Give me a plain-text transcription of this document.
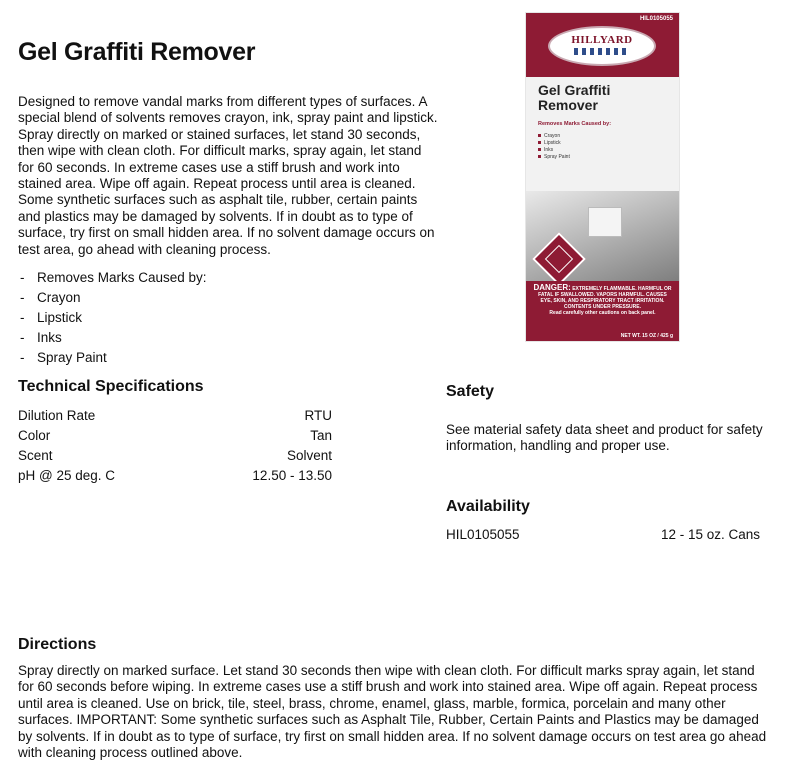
Gel Graffiti Remover

Designed to remove vandal marks from different types of surfaces. A special blend of solvents removes crayon, ink, spray paint and lipstick. Spray directly on marked or stained surfaces, let stand 30 seconds, then wipe with clean cloth. For difficult marks, spray again, let stand for 60 seconds. In extreme cases use a stiff brush and work into stained area. Wipe off again. Repeat process until area is cleaned. Some synthetic surfaces such as asphalt tile, rubber, certain paints and plastics may be damaged by solvents. If in doubt as to type of surface, try first on small hidden area. If no solvent damage occurs on test area, go ahead with cleaning process.

- Removes Marks Caused by:
- Crayon
- Lipstick
- Inks
- Spray Paint
HIL0105055
HILLYARD
Gel Graffiti Remover
Removes Marks Caused by:
Crayon
Lipstick
Inks
Spray Paint
DANGER: EXTREMELY FLAMMABLE. HARMFUL OR FATAL IF SWALLOWED. VAPORS HARMFUL. CAUSES EYE, SKIN, AND RESPIRATORY TRACT IRRITATION. CONTENTS UNDER PRESSURE.
Read carefully other cautions on back panel.
NET WT. 15 OZ / 425 g
Technical Specifications
Dilution Rate	RTU
Color	Tan
Scent	Solvent
pH @ 25 deg. C	12.50 - 13.50
Safety

See material safety data sheet and product for safety information, handling and proper use.

Availability
HIL0105055	12 - 15 oz. Cans
Directions

Spray directly on marked surface. Let stand 30 seconds then wipe with clean cloth. For difficult marks spray again, let stand for 60 seconds before wiping. In extreme cases use a stiff brush and work into stained area. Wipe off again. Repeat process until area is cleaned. Use on brick, tile, steel, brass, chrome, enamel, glass, marble, formica, porcelain and many other surfaces. IMPORTANT: Some synthetic surfaces such as Asphalt Tile, Rubber, Certain Paints and Plastics may be damaged by solvents. If in doubt as to type of surface, try first on small hidden area. If no solvent damage occurs on test area go ahead with cleaning process outlined above.
